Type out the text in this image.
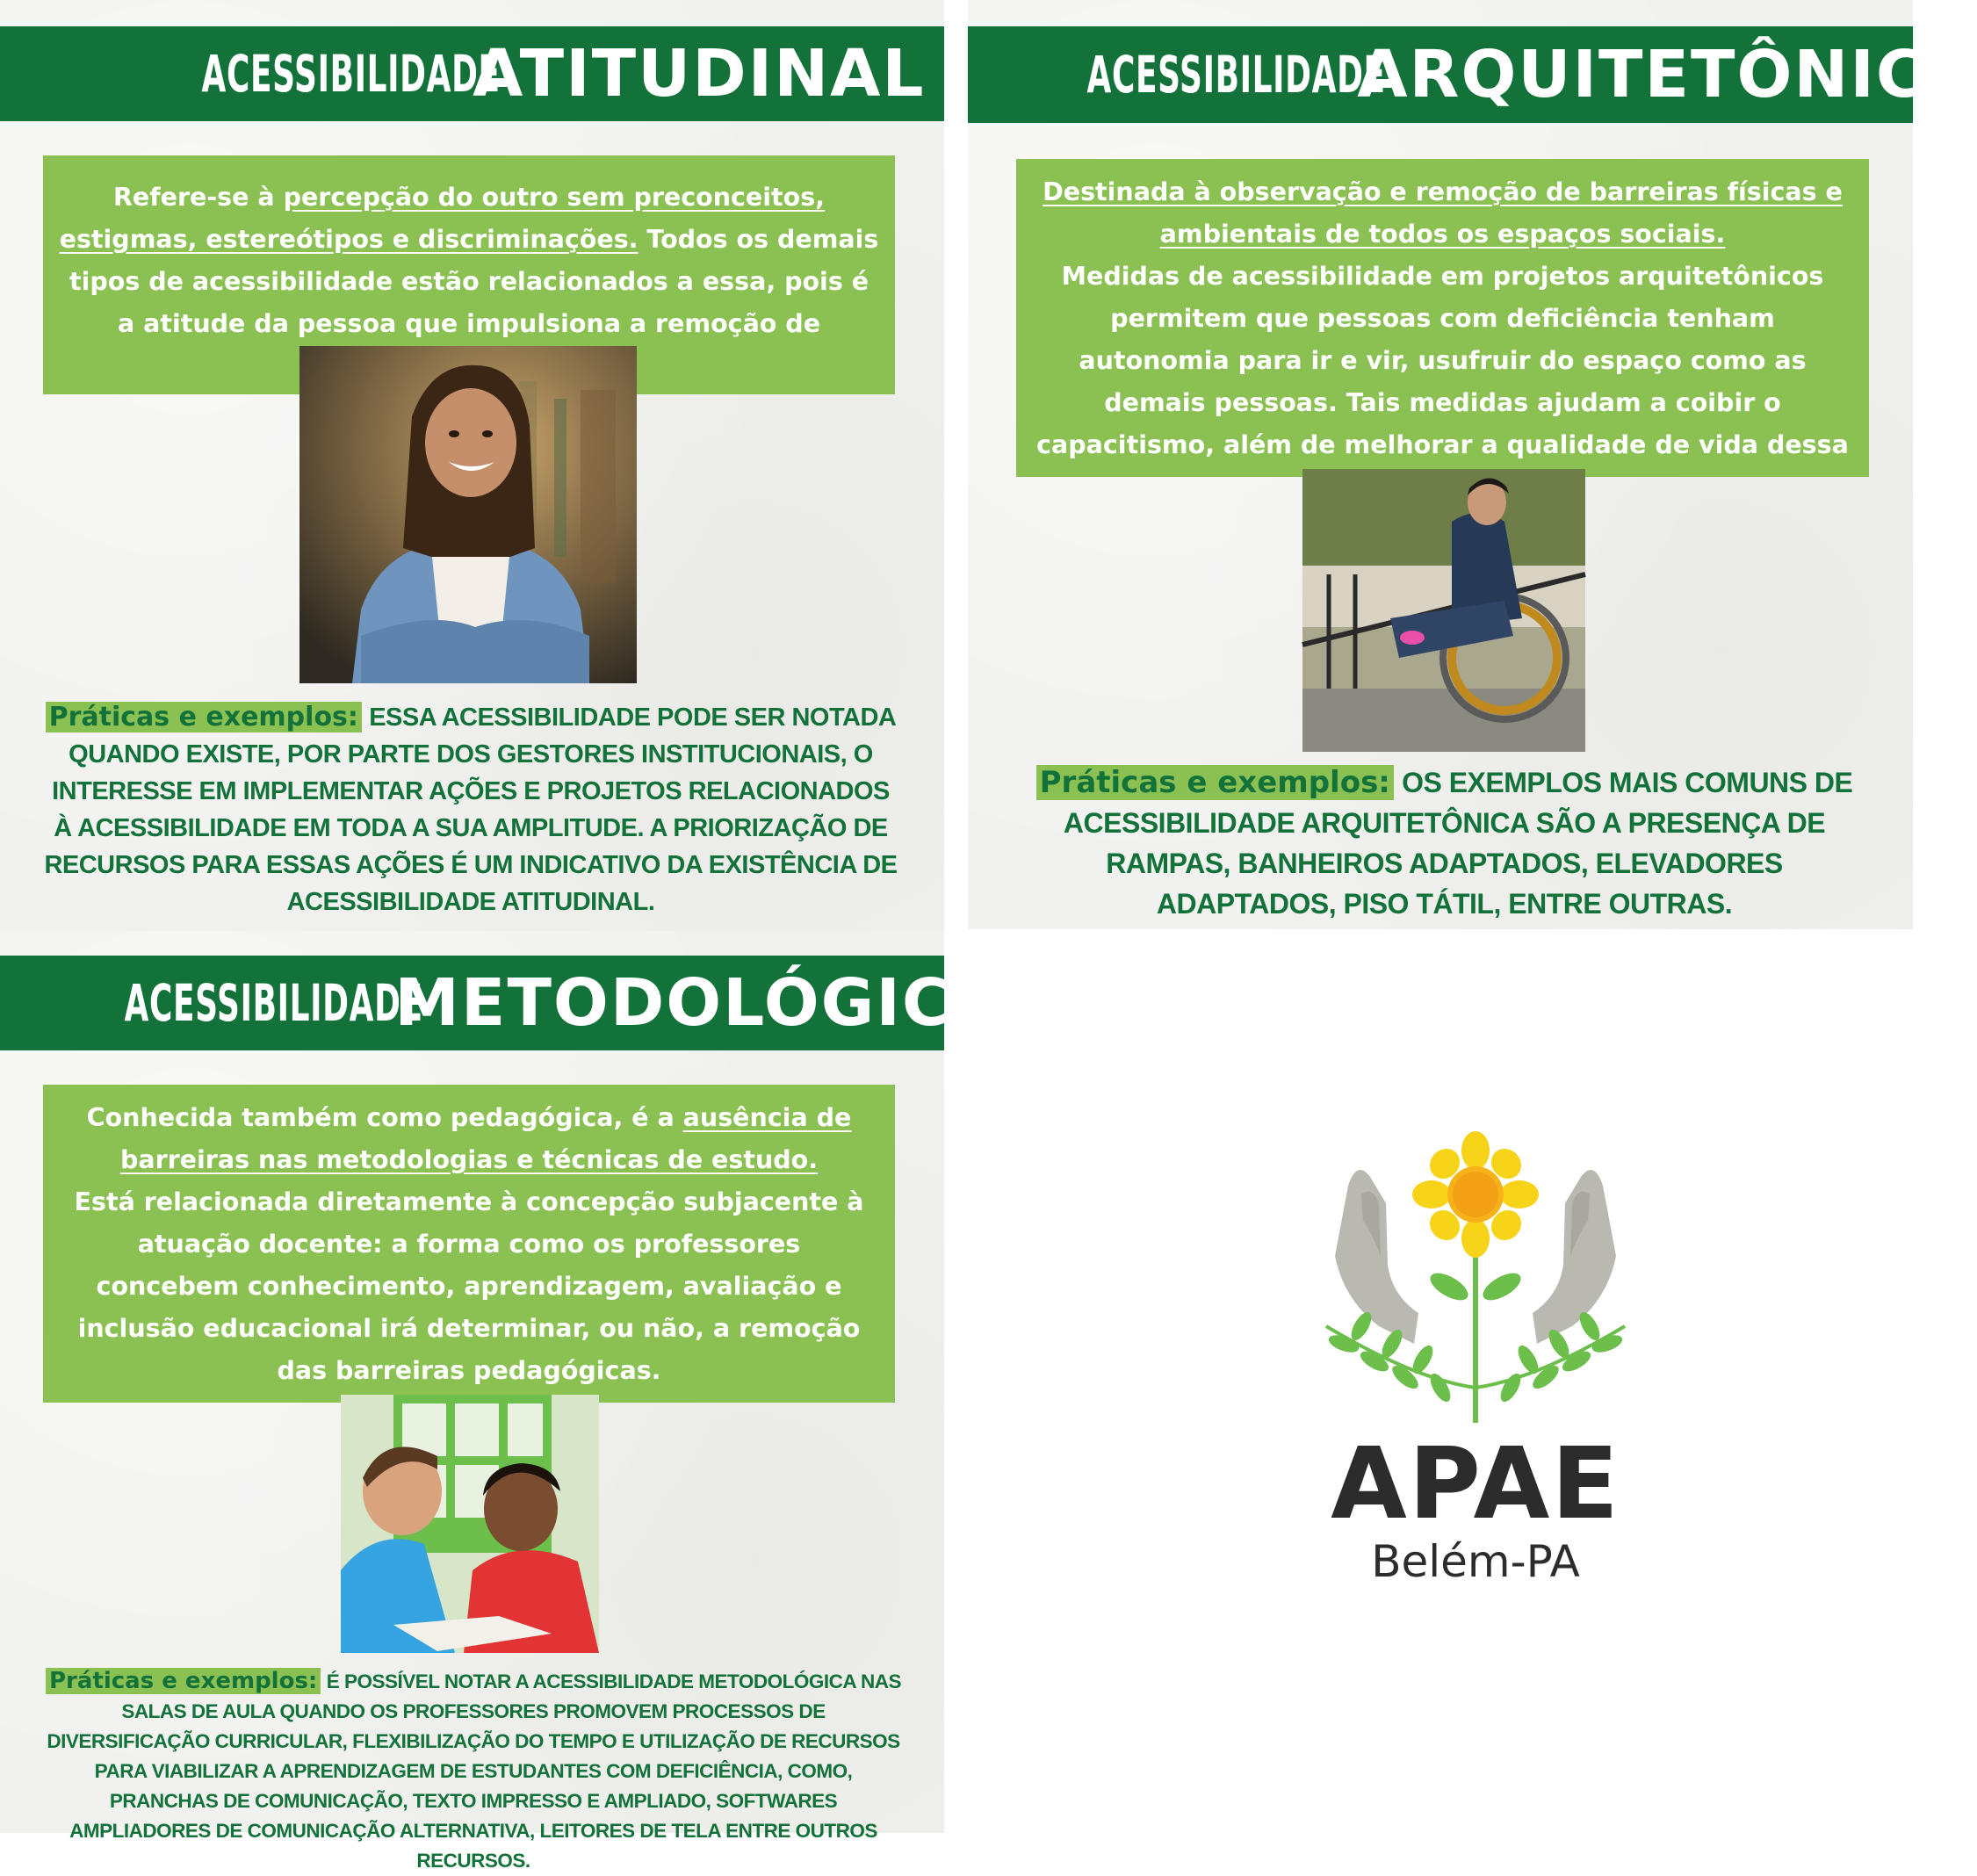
ACESSIBILIDADE
ATITUDINAL
Refere-se à percepção do outro sem preconceitos, estigmas, estereótipos e discriminações. Todos os demais tipos de acessibilidade estão relacionados a essa, pois é a atitude da pessoa que impulsiona a remoção de
Práticas e exemplos: ESSA ACESSIBILIDADE PODE SER NOTADA QUANDO EXISTE, POR PARTE DOS GESTORES INSTITUCIONAIS, O INTERESSE EM IMPLEMENTAR AÇÕES E PROJETOS RELACIONADOS À ACESSIBILIDADE EM TODA A SUA AMPLITUDE. A PRIORIZAÇÃO DE RECURSOS PARA ESSAS AÇÕES É UM INDICATIVO DA EXISTÊNCIA DE ACESSIBILIDADE ATITUDINAL.
ACESSIBILIDADE
ARQUITETÔNICA
Destinada à observação e remoção de barreiras físicas e ambientais de todos os espaços sociais.
Medidas de acessibilidade em projetos arquitetônicos permitem que pessoas com deficiência tenham autonomia para ir e vir, usufruir do espaço como as demais pessoas. Tais medidas ajudam a coibir o capacitismo, além de melhorar a qualidade de vida dessa
Práticas e exemplos: OS EXEMPLOS MAIS COMUNS DE ACESSIBILIDADE ARQUITETÔNICA SÃO A PRESENÇA DE RAMPAS, BANHEIROS ADAPTADOS, ELEVADORES ADAPTADOS, PISO TÁTIL, ENTRE OUTRAS.
ACESSIBILIDADE
METODOLÓGICA
Conhecida também como pedagógica, é a ausência de barreiras nas metodologias e técnicas de estudo.
Está relacionada diretamente à concepção subjacente à atuação docente: a forma como os professores concebem conhecimento, aprendizagem, avaliação e inclusão educacional irá determinar, ou não, a remoção das barreiras pedagógicas.
Práticas e exemplos: É POSSÍVEL NOTAR A ACESSIBILIDADE METODOLÓGICA NAS SALAS DE AULA QUANDO OS PROFESSORES PROMOVEM PROCESSOS DE DIVERSIFICAÇÃO CURRICULAR, FLEXIBILIZAÇÃO DO TEMPO E UTILIZAÇÃO DE RECURSOS PARA VIABILIZAR A APRENDIZAGEM DE ESTUDANTES COM DEFICIÊNCIA, COMO, PRANCHAS DE COMUNICAÇÃO, TEXTO IMPRESSO E AMPLIADO, SOFTWARES AMPLIADORES DE COMUNICAÇÃO ALTERNATIVA, LEITORES DE TELA ENTRE OUTROS RECURSOS.
APAE
Belém-PA
